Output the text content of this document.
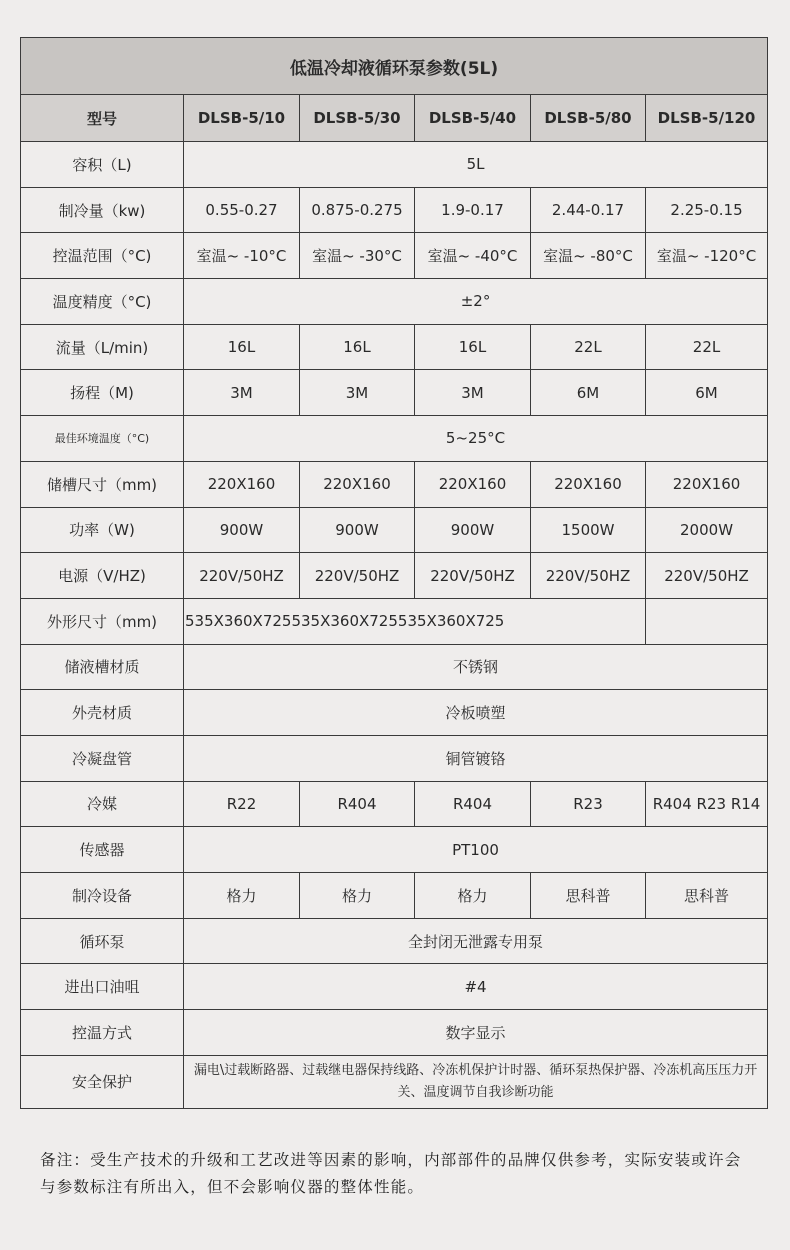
低温冷却液循环泵参数(5L)					
型号	DLSB-5/10	DLSB-5/30	DLSB-5/40	DLSB-5/80	DLSB-5/120
容积（L)	5L				
制冷量（kw)	0.55-0.27	0.875-0.275	1.9-0.17	2.44-0.17	2.25-0.15
控温范围（°C)	室温~ -10°C	室温~ -30°C	室温~ -40°C	室温~ -80°C	室温~ -120°C
温度精度（°C)	±2°				
流量（L/min)	16L	16L	16L	22L	22L
扬程（M)	3M	3M	3M	6M	6M
最佳环境温度（°C)	5~25°C				
储槽尺寸（mm)	220X160	220X160	220X160	220X160	220X160
功率（W)	900W	900W	900W	1500W	2000W
电源（V/HZ)	220V/50HZ	220V/50HZ	220V/50HZ	220V/50HZ	220V/50HZ
外形尺寸（mm)	535X360X725535X360X725535X360X725				
储液槽材质	不锈钢				
外壳材质	冷板喷塑				
冷凝盘管	铜管镀铬				
冷媒	R22	R404	R404	R23	R404 R23 R14
传感器	PT100				
制冷设备	格力	格力	格力	思科普	思科普
循环泵	全封闭无泄露专用泵				
进出口油咀	#4				
控温方式	数字显示				
安全保护	漏电\过载断路器、过载继电器保持线路、冷冻机保护计时器、循环泵热保护器、冷冻机高压压力开关、温度调节自我诊断功能				
备注：受生产技术的升级和工艺改进等因素的影响，内部部件的品牌仅供参考，实际安装或许会与参数标注有所出入，但不会影响仪器的整体性能。
